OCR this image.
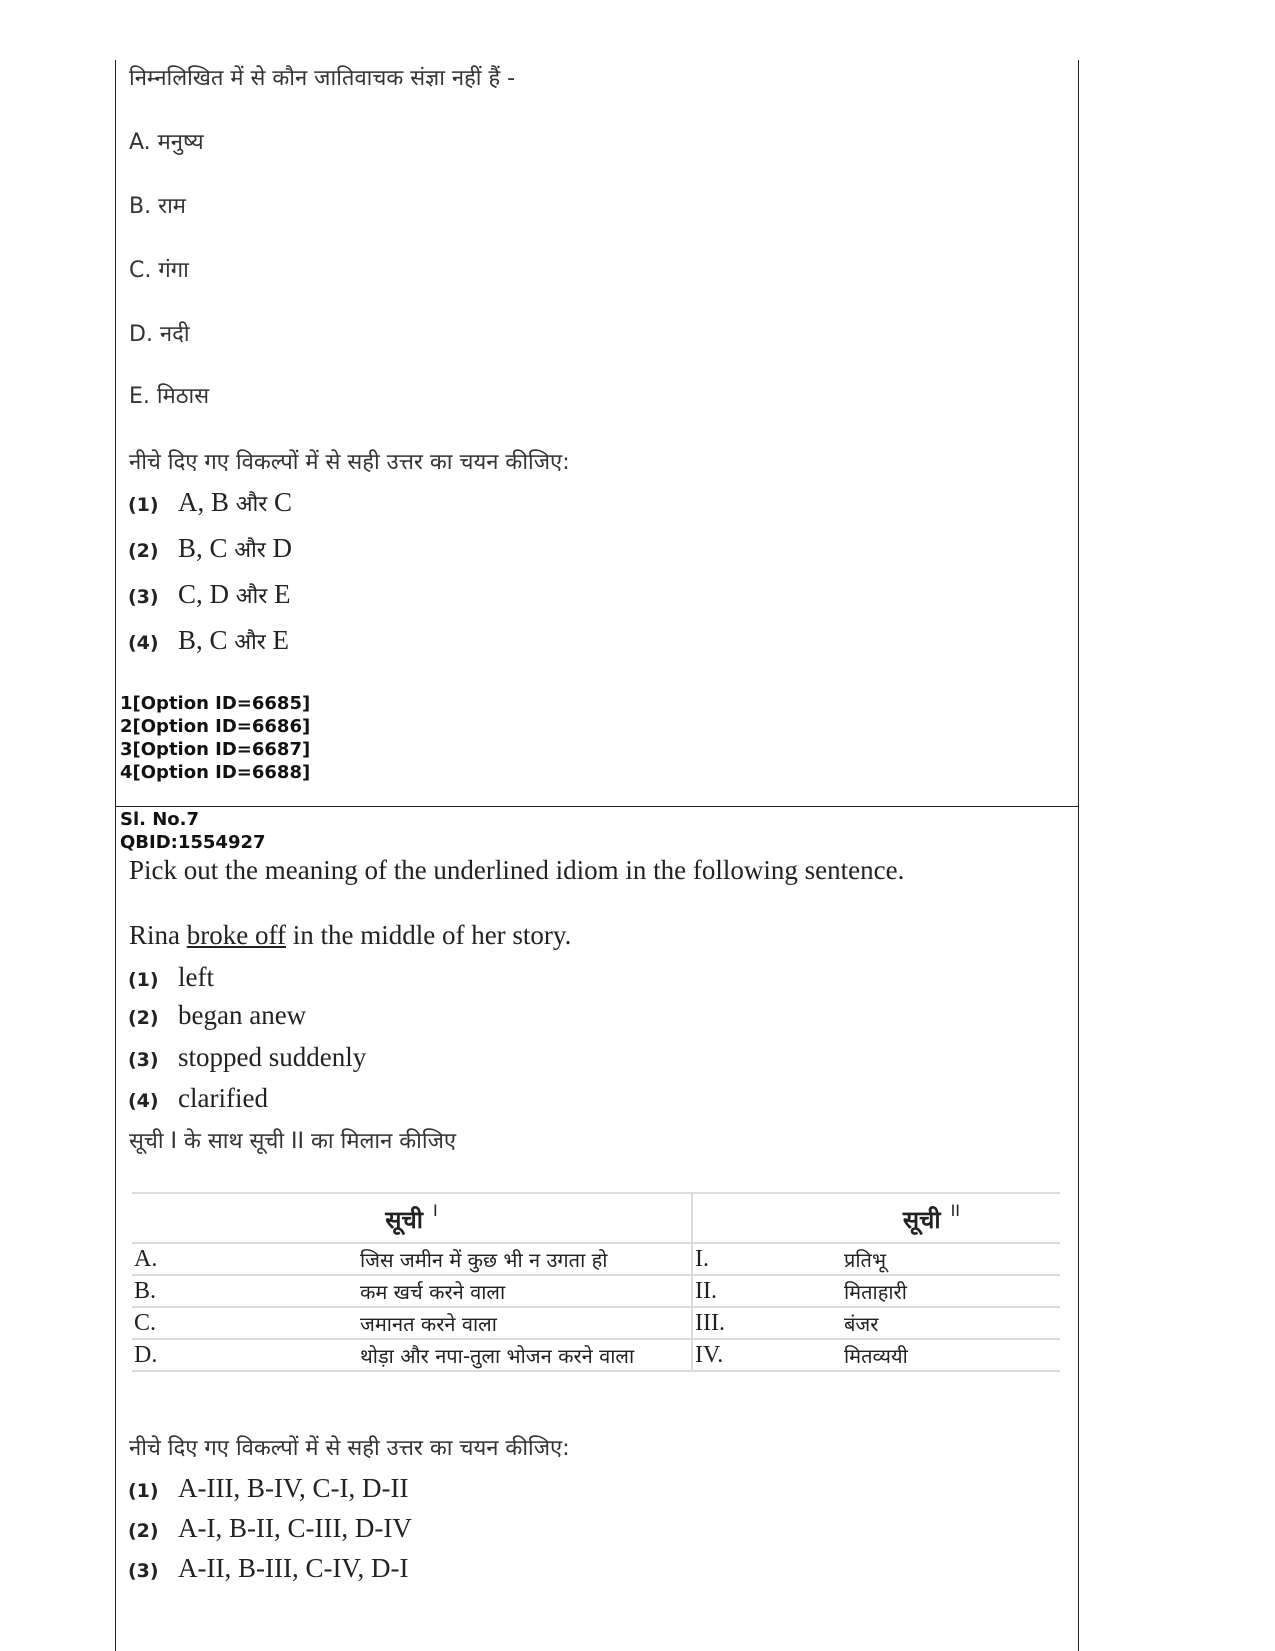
निम्नलिखित में से कौन जातिवाचक संज्ञा नहीं हैं -
A. मनुष्य
B. राम
C. गंगा
D. नदी
E. मिठास
नीचे दिए गए विकल्पों में से सही उत्तर का चयन कीजिए:
(1) A, B और C
(2) B, C और D
(3) C, D और E
(4) B, C और E
1[Option ID=6685]
2[Option ID=6686]
3[Option ID=6687]
4[Option ID=6688]
Sl. No.7
QBID:1554927
Pick out the meaning of the underlined idiom in the following sentence.
Rina broke off in the middle of her story.
(1) left
(2) began anew
(3) stopped suddenly
(4) clarified
सूची I के साथ सूची II का मिलान कीजिए
सूची $^I$		सूची $^{II}$
A.	जिस जमीन में कुछ भी न उगता हो	I.	प्रतिभू
B.	कम खर्च करने वाला	II.	मिताहारी
C.	जमानत करने वाला	III.	बंजर
D.	थोड़ा और नपा-तुला भोजन करने वाला	IV.	मितव्ययी
नीचे दिए गए विकल्पों में से सही उत्तर का चयन कीजिए:
(1) A-III, B-IV, C-I, D-II
(2) A-I, B-II, C-III, D-IV
(3) A-II, B-III, C-IV, D-I
